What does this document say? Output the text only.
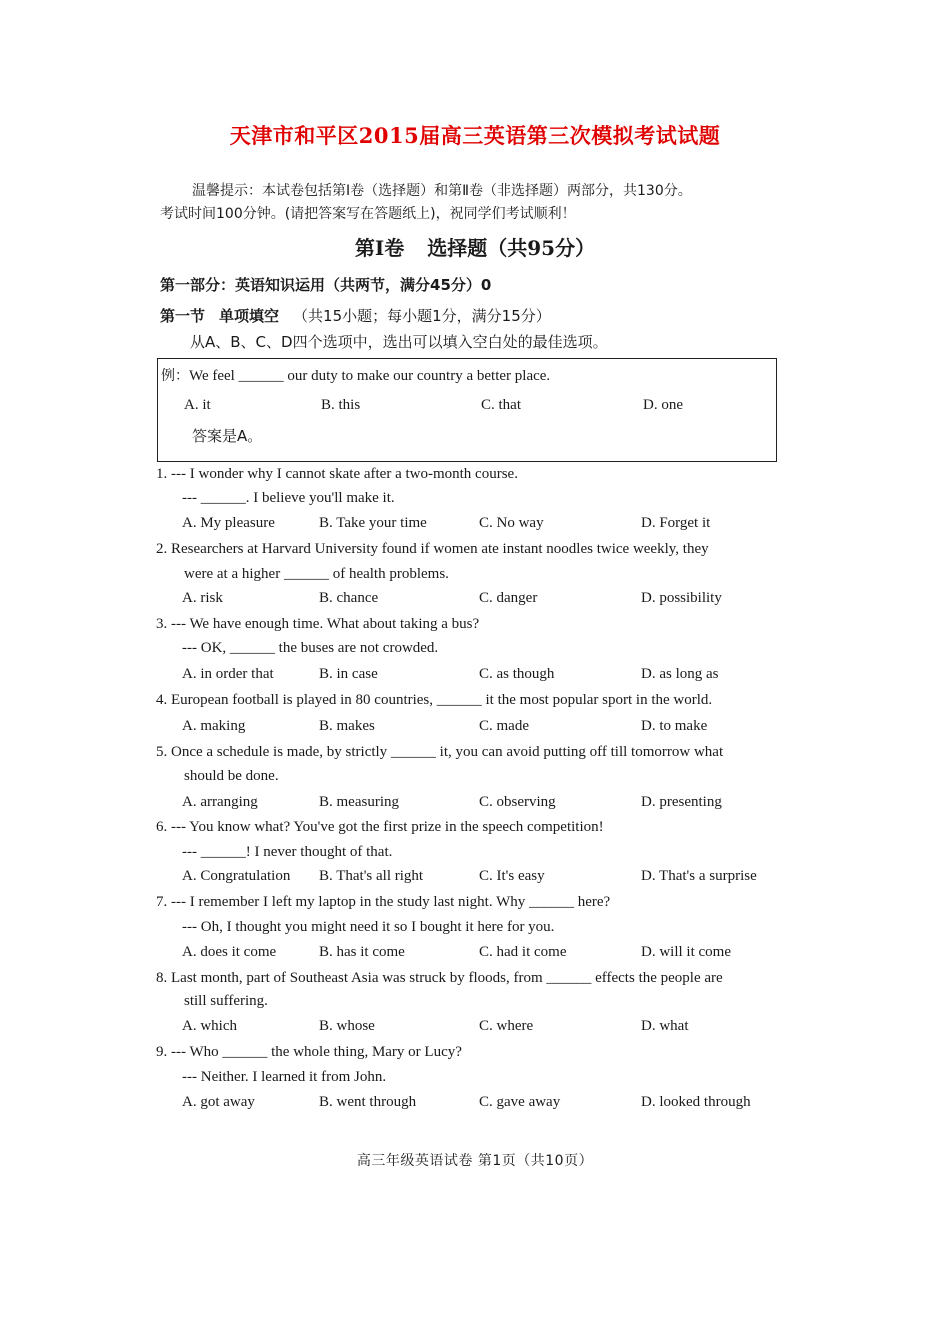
天津市和平区2015届高三英语第三次模拟考试试题
温馨提示：本试卷包括第Ⅰ卷（选择题）和第Ⅱ卷（非选择题）两部分，共130分。
考试时间100分钟。(请把答案写在答题纸上)，祝同学们考试顺利！
第Ⅰ卷 选择题（共95分）
第一部分：英语知识运用（共两节，满分45分）0
第一节 单项填空 （共15小题；每小题1分，满分15分）
从A、B、C、D四个选项中，选出可以填入空白处的最佳选项。
例：We feel ______ our duty to make our country a better place.
A. it	B. this	C. that	D. one
答案是A。
1. --- I wonder why I cannot skate after a two-month course.
--- ______. I believe you'll make it.
A. My pleasure	B. Take your time	C. No way	D. Forget it
2. Researchers at Harvard University found if women ate instant noodles twice weekly, they
were at a higher ______ of health problems.
A. risk	B. chance	C. danger	D. possibility
3. --- We have enough time. What about taking a bus?
--- OK, ______ the buses are not crowded.
A. in order that	B. in case	C. as though	D. as long as
4. European football is played in 80 countries, ______ it the most popular sport in the world.
A. making	B. makes	C. made	D. to make
5. Once a schedule is made, by strictly ______ it, you can avoid putting off till tomorrow what
should be done.
A. arranging	B. measuring	C. observing	D. presenting
6. --- You know what? You've got the first prize in the speech competition!
--- ______! I never thought of that.
A. Congratulation B. That's all right	C. It's easy	D. That's a surprise
7. --- I remember I left my laptop in the study last night. Why ______ here?
--- Oh, I thought you might need it so I bought it here for you.
A. does it come	B. has it come	C. had it come	D. will it come
8. Last month, part of Southeast Asia was struck by floods, from ______ effects the people are
still suffering.
A. which	B. whose	C. where	D. what
9. --- Who ______ the whole thing, Mary or Lucy?
--- Neither. I learned it from John.
A. got away	B. went through	C. gave away	D. looked through
高三年级英语试卷 第1页（共10页）
